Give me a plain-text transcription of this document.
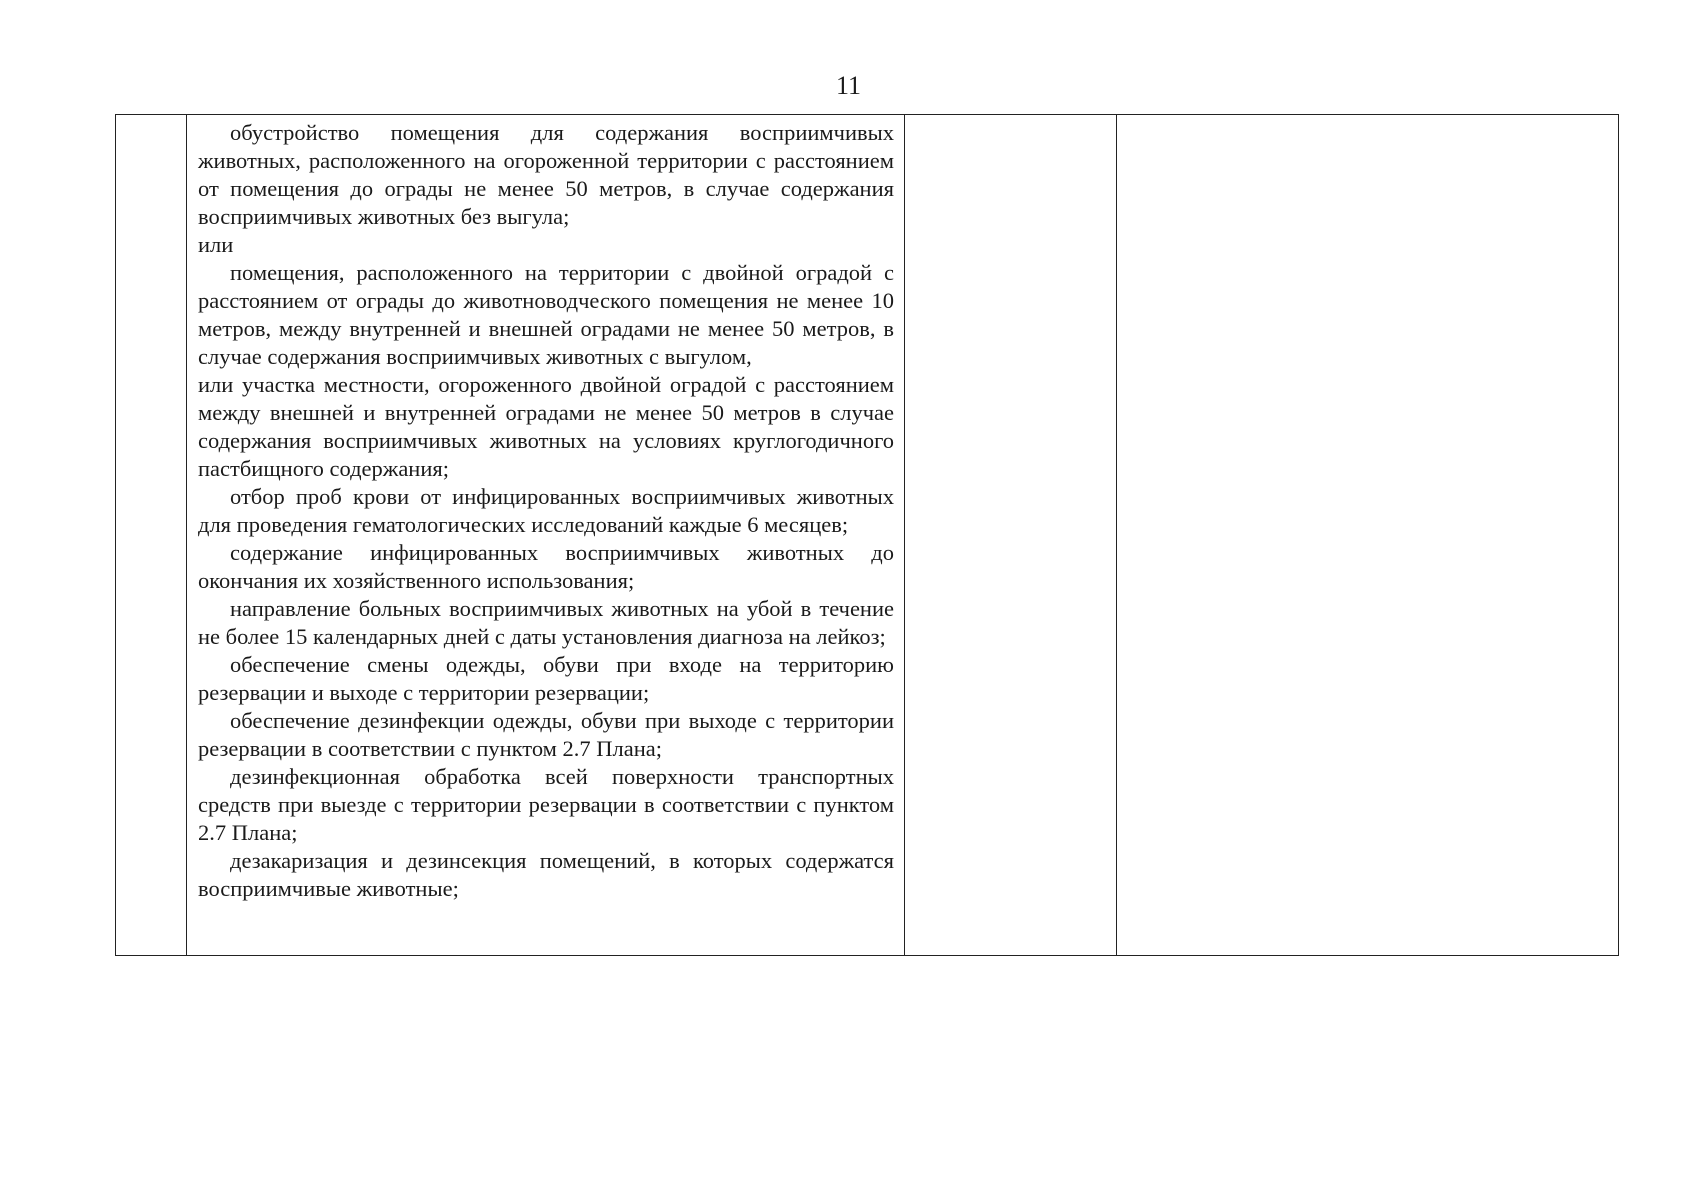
11

обустройство помещения для содержания восприимчивых животных, расположенного на огороженной территории с расстоянием от помещения до ограды не менее 50 метров, в случае содержания восприимчивых животных без выгула;

или

помещения, расположенного на территории с двойной оградой с расстоянием от ограды до животноводческого помещения не менее 10 метров, между внутренней и внешней оградами не менее 50 метров, в случае содержания восприимчивых животных с выгулом,

или участка местности, огороженного двойной оградой с расстоянием между внешней и внутренней оградами не менее 50 метров в случае содержания восприимчивых животных на условиях круглогодичного пастбищного содержания;

отбор проб крови от инфицированных восприимчивых животных для проведения гематологических исследований каждые 6 месяцев;

содержание инфицированных восприимчивых животных до окончания их хозяйственного использования;

направление больных восприимчивых животных на убой в течение не более 15 календарных дней с даты установления диагноза на лейкоз;

обеспечение смены одежды, обуви при входе на территорию резервации и выходе с территории резервации;

обеспечение дезинфекции одежды, обуви при выходе с территории резервации в соответствии с пунктом 2.7 Плана;

дезинфекционная обработка всей поверхности транспортных средств при выезде с территории резервации в соответствии с пунктом 2.7 Плана;

дезакаризация и дезинсекция помещений, в которых содержатся восприимчивые животные;
